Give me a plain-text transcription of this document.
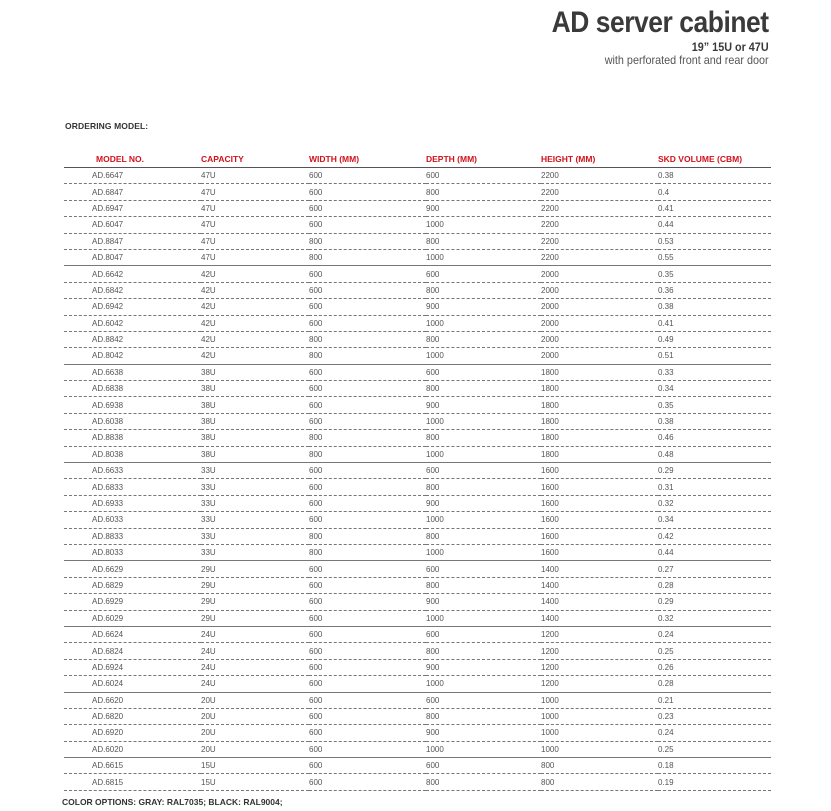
AD server cabinet
19” 15U or 47U
with perforated front and rear door
ORDERING MODEL:
MODEL NO.	CAPACITY	WIDTH (MM)	DEPTH (MM)	HEIGHT (MM)	SKD VOLUME (CBM)
AD.6647	47U	600	600	2200	0.38
AD.6847	47U	600	800	2200	0.4
AD.6947	47U	600	900	2200	0.41
AD.6047	47U	600	1000	2200	0.44
AD.8847	47U	800	800	2200	0.53
AD.8047	47U	800	1000	2200	0.55
AD.6642	42U	600	600	2000	0.35
AD.6842	42U	600	800	2000	0.36
AD.6942	42U	600	900	2000	0.38
AD.6042	42U	600	1000	2000	0.41
AD.8842	42U	800	800	2000	0.49
AD.8042	42U	800	1000	2000	0.51
AD.6638	38U	600	600	1800	0.33
AD.6838	38U	600	800	1800	0.34
AD.6938	38U	600	900	1800	0.35
AD.6038	38U	600	1000	1800	0.38
AD.8838	38U	800	800	1800	0.46
AD.8038	38U	800	1000	1800	0.48
AD.6633	33U	600	600	1600	0.29
AD.6833	33U	600	800	1600	0.31
AD.6933	33U	600	900	1600	0.32
AD.6033	33U	600	1000	1600	0.34
AD.8833	33U	800	800	1600	0.42
AD.8033	33U	800	1000	1600	0.44
AD.6629	29U	600	600	1400	0.27
AD.6829	29U	600	800	1400	0.28
AD.6929	29U	600	900	1400	0.29
AD.6029	29U	600	1000	1400	0.32
AD.6624	24U	600	600	1200	0.24
AD.6824	24U	600	800	1200	0.25
AD.6924	24U	600	900	1200	0.26
AD.6024	24U	600	1000	1200	0.28
AD.6620	20U	600	600	1000	0.21
AD.6820	20U	600	800	1000	0.23
AD.6920	20U	600	900	1000	0.24
AD.6020	20U	600	1000	1000	0.25
AD.6615	15U	600	600	800	0.18
AD.6815	15U	600	800	800	0.19
COLOR OPTIONS: GRAY: RAL7035; BLACK: RAL9004;
